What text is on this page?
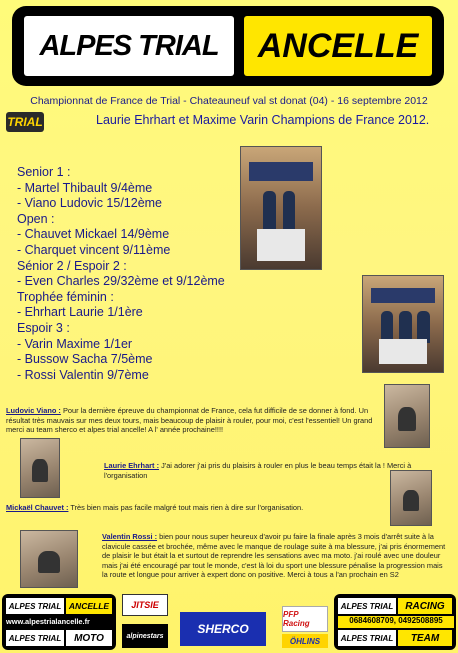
ALPES TRIAL	ANCELLE
Championnat de France de Trial - Chateauneuf val st donat (04) - 16 septembre 2012
TRIAL	Laurie Ehrhart et Maxime Varin Champions de France 2012.
Senior 1 :
- Martel Thibault 9/4ème
- Viano Ludovic 15/12ème
Open :
- Chauvet Mickael 14/9ème
- Charquet vincent 9/11ème
Sénior 2 / Espoir 2 :
- Even Charles 29/32ème et 9/12ème
Trophée féminin :
- Ehrhart Laurie 1/1ère
Espoir 3 :
- Varin Maxime 1/1er
- Bussow Sacha 7/5ème
- Rossi Valentin 9/7ème
Ludovic Viano : Pour la dernière épreuve du championnat de France, cela fut difficile de se donner à fond. Un résultat très mauvais sur mes deux tours, mais beaucoup de plaisir à rouler, pour moi, c'est l'essentiel! Un grand merci au team sherco et alpes trial ancelle! A l' année prochaine!!!!
Laurie Ehrhart : J'ai adorer j'ai pris du plaisirs à rouler en plus le beau temps était la ! Merci à l'organisation
Mickaël Chauvet : Très bien mais pas facile malgré tout mais rien à dire sur l'organisation.
Valentin Rossi : bien pour nous super heureux d'avoir pu faire la finale après 3 mois d'arrêt suite à la clavicule cassée et brochée, même avec le manque de roulage suite à ma blessure, j'ai pris énormement de plaisir le but était la et surtout de reprendre les sensations avec ma moto. j'ai roulé avec une douleur mais j'ai été encouragé par tout le monde, c'est là loi du sport une blessure pénalise la progression mais la route et longue pour arriver à expert donc on positive. Merci à tous a l'an prochain en S2
ALPES TRIAL ANCELLE
www.alpestrialancelle.fr
ALPES TRIAL	MOTO
JITSIE
alpinestars	SHERCO
PFP Racing
ÖHLINS
ALPES TRIAL	RACING
0684608709, 0492508895
ALPES TRIAL	TEAM
